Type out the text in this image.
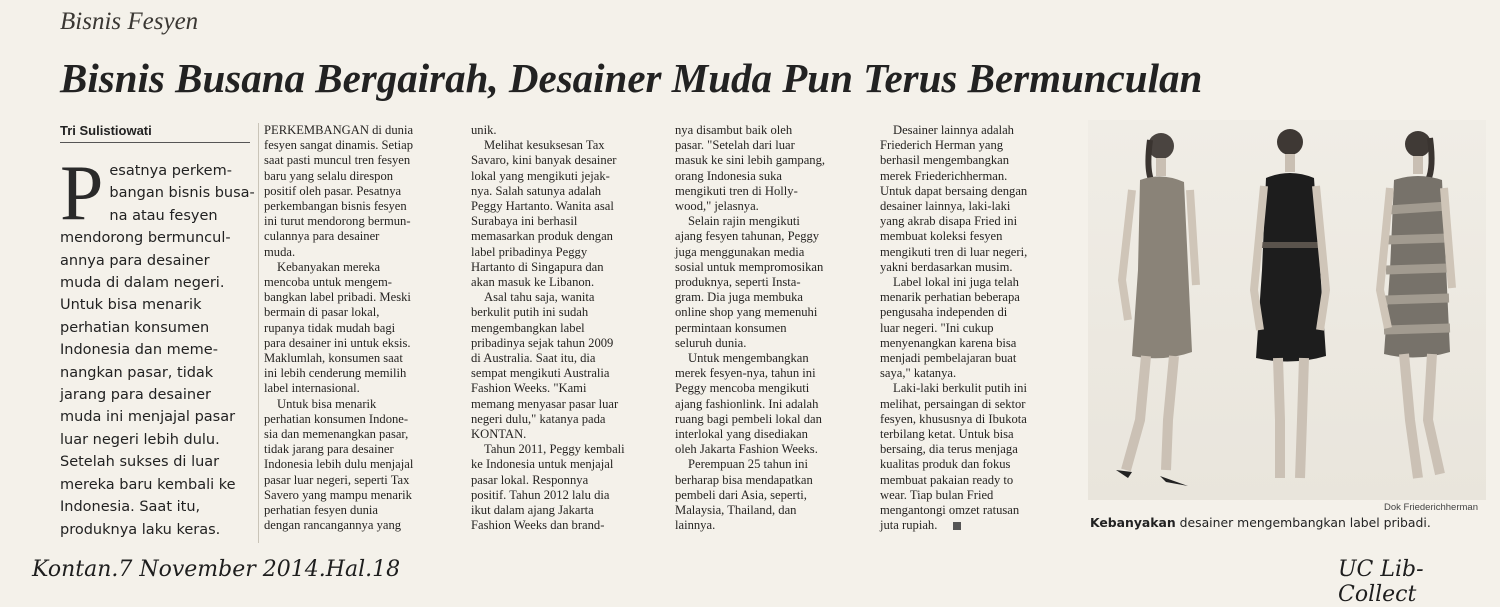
Bisnis Fesyen
Bisnis Busana Bergairah, Desainer Muda Pun Terus Bermunculan
Tri Sulistiowati
P esatnya perkem-
bangan bisnis busa-
na atau fesyen
mendorong bermuncul-
annya para desainer
muda di dalam negeri.
Untuk bisa menarik
perhatian konsumen
Indonesia dan meme-
nangkan pasar, tidak
jarang para desainer
muda ini menjajal pasar
luar negeri lebih dulu.
Setelah sukses di luar
mereka baru kembali ke
Indonesia. Saat itu,
produknya laku keras.
PERKEMBANGAN di dunia
fesyen sangat dinamis. Setiap
saat pasti muncul tren fesyen
baru yang selalu direspon
positif oleh pasar. Pesatnya
perkembangan bisnis fesyen
ini turut mendorong bermun-
culannya para desainer
muda.
Kebanyakan mereka
mencoba untuk mengem-
bangkan label pribadi. Meski
bermain di pasar lokal,
rupanya tidak mudah bagi
para desainer ini untuk eksis.
Maklumlah, konsumen saat
ini lebih cenderung memilih
label internasional.
Untuk bisa menarik
perhatian konsumen Indone-
sia dan memenangkan pasar,
tidak jarang para desainer
Indonesia lebih dulu menjajal
pasar luar negeri, seperti Tax
Savero yang mampu menarik
perhatian fesyen dunia
dengan rancangannya yang
unik.
Melihat kesuksesan Tax
Savaro, kini banyak desainer
lokal yang mengikuti jejak-
nya. Salah satunya adalah
Peggy Hartanto. Wanita asal
Surabaya ini berhasil
memasarkan produk dengan
label pribadinya Peggy
Hartanto di Singapura dan
akan masuk ke Libanon.
Asal tahu saja, wanita
berkulit putih ini sudah
mengembangkan label
pribadinya sejak tahun 2009
di Australia. Saat itu, dia
sempat mengikuti Australia
Fashion Weeks. "Kami
memang menyasar pasar luar
negeri dulu," katanya pada
KONTAN.
Tahun 2011, Peggy kembali
ke Indonesia untuk menjajal
pasar lokal. Responnya
positif. Tahun 2012 lalu dia
ikut dalam ajang Jakarta
Fashion Weeks dan brand-
nya disambut baik oleh
pasar. "Setelah dari luar
masuk ke sini lebih gampang,
orang Indonesia suka
mengikuti tren di Holly-
wood," jelasnya.
Selain rajin mengikuti
ajang fesyen tahunan, Peggy
juga menggunakan media
sosial untuk mempromosikan
produknya, seperti Insta-
gram. Dia juga membuka
online shop yang memenuhi
permintaan konsumen
seluruh dunia.
Untuk mengembangkan
merek fesyen-nya, tahun ini
Peggy mencoba mengikuti
ajang fashionlink. Ini adalah
ruang bagi pembeli lokal dan
interlokal yang disediakan
oleh Jakarta Fashion Weeks.
Perempuan 25 tahun ini
berharap bisa mendapatkan
pembeli dari Asia, seperti,
Malaysia, Thailand, dan
lainnya.
Desainer lainnya adalah
Friederich Herman yang
berhasil mengembangkan
merek Friederichherman.
Untuk dapat bersaing dengan
desainer lainnya, laki-laki
yang akrab disapa Fried ini
membuat koleksi fesyen
mengikuti tren di luar negeri,
yakni berdasarkan musim.
Label lokal ini juga telah
menarik perhatian beberapa
pengusaha independen di
luar negeri. "Ini cukup
menyenangkan karena bisa
menjadi pembelajaran buat
saya," katanya.
Laki-laki berkulit putih ini
melihat, persaingan di sektor
fesyen, khususnya di Ibukota
terbilang ketat. Untuk bisa
bersaing, dia terus menjaga
kualitas produk dan fokus
membuat pakaian ready to
wear. Tiap bulan Fried
mengantongi omzet ratusan
juta rupiah.
Dok Friederichherman
Kebanyakan desainer mengembangkan label pribadi.
Kontan.7 November 2014.Hal.18	UC Lib-Collect
